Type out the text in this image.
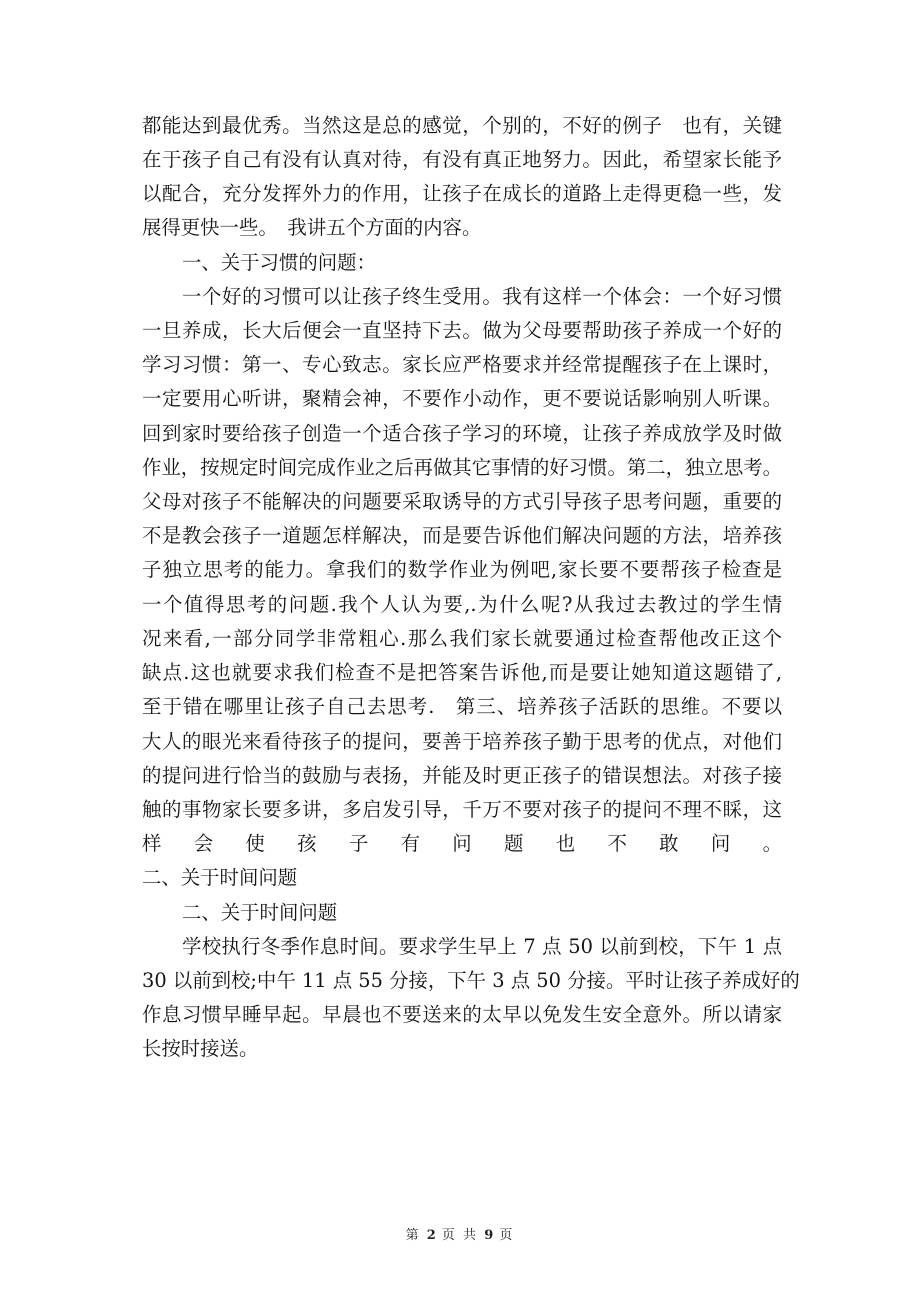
都能达到最优秀。当然这是总的感觉，个别的，不好的例子　也有，关键
在于孩子自己有没有认真对待，有没有真正地努力。因此，希望家长能予
以配合，充分发挥外力的作用，让孩子在成长的道路上走得更稳一些，发
展得更快一些。　我讲五个方面的内容。
一、关于习惯的问题：
一个好的习惯可以让孩子终生受用。我有这样一个体会：一个好习惯
一旦养成，长大后便会一直坚持下去。做为父母要帮助孩子养成一个好的
学习习惯：第一、专心致志。家长应严格要求并经常提醒孩子在上课时，
一定要用心听讲，聚精会神，不要作小动作，更不要说话影响别人听课。
回到家时要给孩子创造一个适合孩子学习的环境，让孩子养成放学及时做
作业，按规定时间完成作业之后再做其它事情的好习惯。第二，独立思考。
父母对孩子不能解决的问题要采取诱导的方式引导孩子思考问题，重要的
不是教会孩子一道题怎样解决，而是要告诉他们解决问题的方法，培养孩
子独立思考的能力。拿我们的数学作业为例吧,家长要不要帮孩子检查是
一个值得思考的问题.我个人认为要,.为什么呢?从我过去教过的学生情
况来看,一部分同学非常粗心.那么我们家长就要通过检查帮他改正这个
缺点.这也就要求我们检查不是把答案告诉他,而是要让她知道这题错了,
至于错在哪里让孩子自己去思考.　第三、培养孩子活跃的思维。不要以
大人的眼光来看待孩子的提问，要善于培养孩子勤于思考的优点，对他们
的提问进行恰当的鼓励与表扬，并能及时更正孩子的错误想法。对孩子接
触的事物家长要多讲，多启发引导，千万不要对孩子的提问不理不睬，这
样会使孩子有问题也不敢问。
二、关于时间问题
二、关于时间问题
学校执行冬季作息时间。要求学生早上 7 点 50 以前到校，下午 1 点
30 以前到校;中午 11 点 55 分接，下午 3 点 50 分接。平时让孩子养成好的
作息习惯早睡早起。早晨也不要送来的太早以免发生安全意外。所以请家
长按时接送。
第 2 页 共 9 页
